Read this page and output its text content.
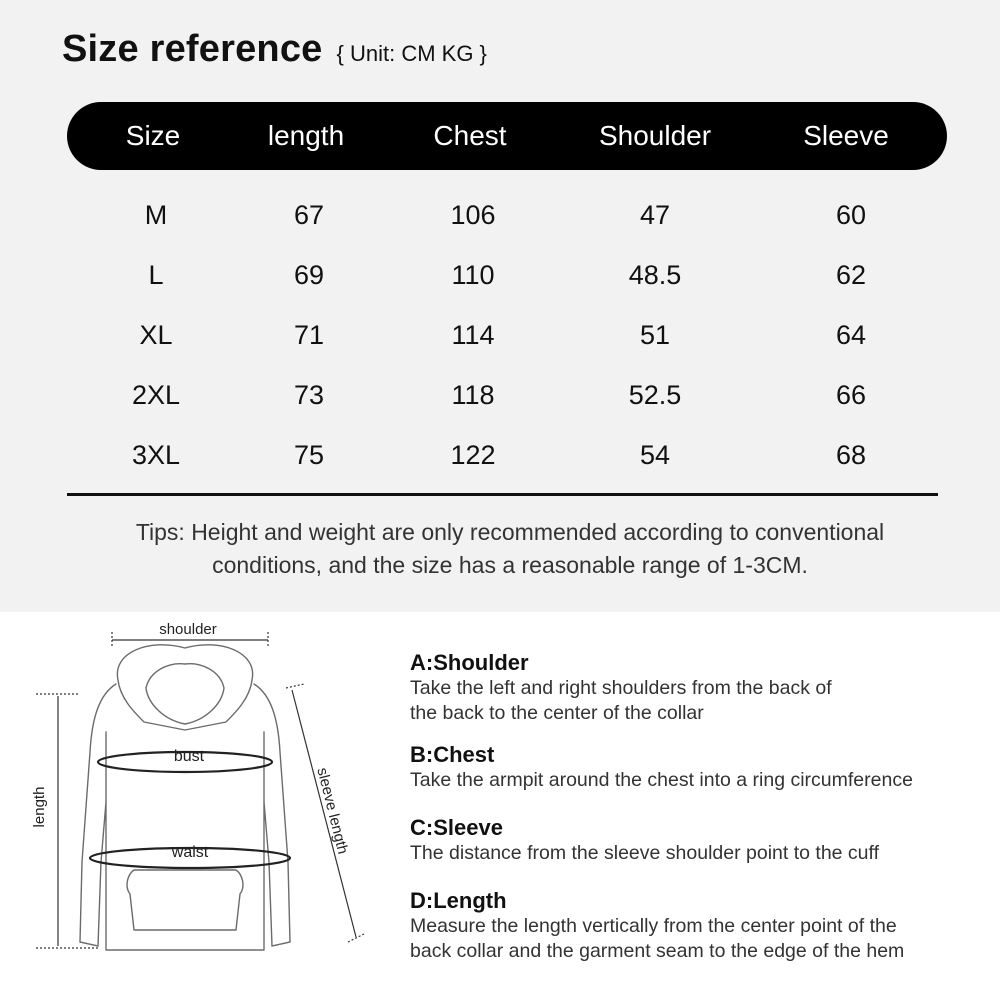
Size reference { Unit: CM KG }
Size	length	Chest	Shoulder	Sleeve
M	67	106	47	60
L	69	110	48.5	62
XL	71	114	51	64
2XL	73	118	52.5	66
3XL	75	122	54	68
Tips: Height and weight are only recommended according to conventional
conditions, and the size has a reasonable range of 1-3CM.
shoulder
length	sleeve length
bust
waist
A:Shoulder
Take the left and right shoulders from the back of
the back to the center of the collar
B:Chest
Take the armpit around the chest into a ring circumference
C:Sleeve
The distance from the sleeve shoulder point to the cuff
D:Length
Measure the length vertically from the center point of the
back collar and the garment seam to the edge of the hem
